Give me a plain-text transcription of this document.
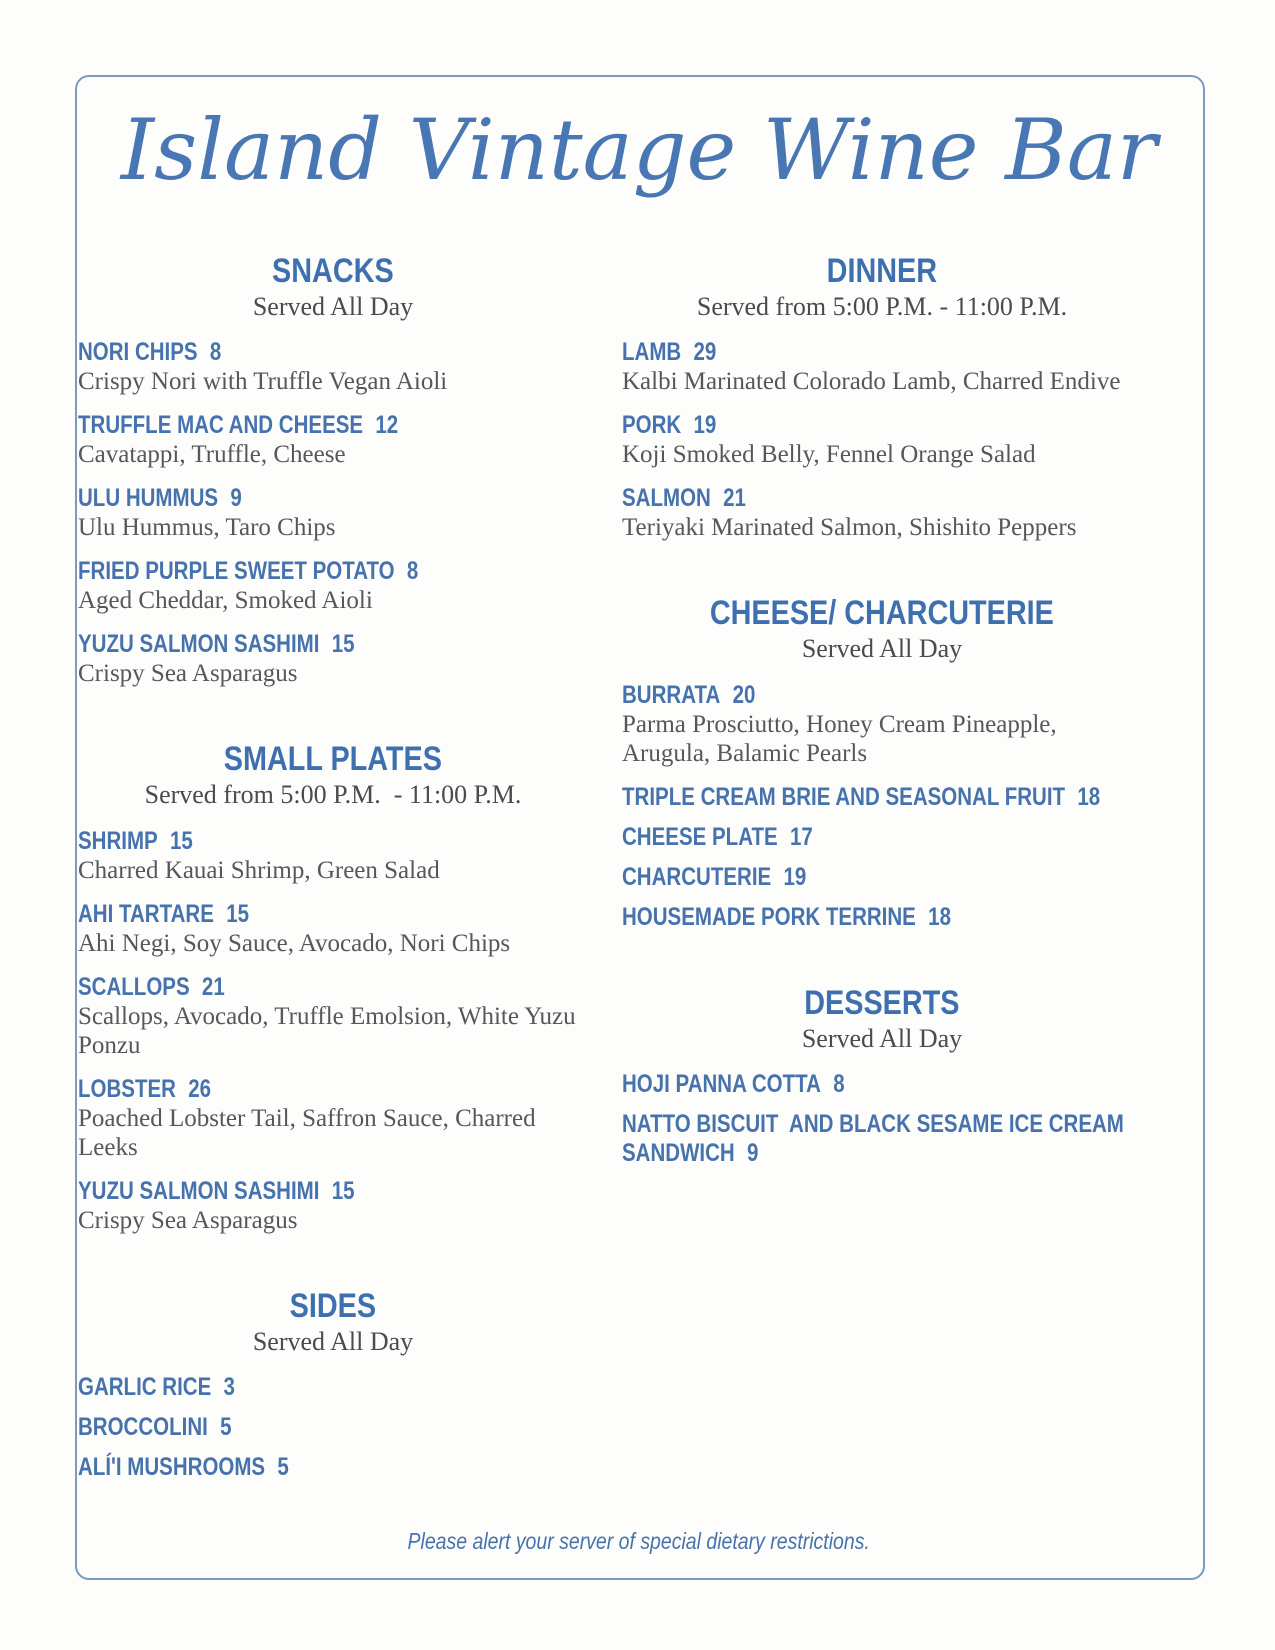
Island Vintage Wine Bar
SNACKS
Served All Day
NORI CHIPS 8
Crispy Nori with Truffle Vegan Aioli
TRUFFLE MAC AND CHEESE 12
Cavatappi, Truffle, Cheese
ULU HUMMUS 9
Ulu Hummus, Taro Chips
FRIED PURPLE SWEET POTATO 8
Aged Cheddar, Smoked Aioli
YUZU SALMON SASHIMI 15
Crispy Sea Asparagus
SMALL PLATES
Served from 5:00 P.M.  - 11:00 P.M.
SHRIMP 15
Charred Kauai Shrimp, Green Salad
AHI TARTARE 15
Ahi Negi, Soy Sauce, Avocado, Nori Chips
SCALLOPS 21
Scallops, Avocado, Truffle Emolsion, White Yuzu Ponzu
LOBSTER 26
Poached Lobster Tail, Saffron Sauce, Charred Leeks
YUZU SALMON SASHIMI 15
Crispy Sea Asparagus
SIDES
Served All Day
GARLIC RICE 3
BROCCOLINI 5
ALÍ'I MUSHROOMS 5
DINNER
Served from 5:00 P.M. - 11:00 P.M.
LAMB 29
Kalbi Marinated Colorado Lamb, Charred Endive
PORK 19
Koji Smoked Belly, Fennel Orange Salad
SALMON 21
Teriyaki Marinated Salmon, Shishito Peppers
CHEESE/ CHARCUTERIE
Served All Day
BURRATA 20
Parma Prosciutto, Honey Cream Pineapple, Arugula, Balamic Pearls
TRIPLE CREAM BRIE AND SEASONAL FRUIT 18
CHEESE PLATE 17
CHARCUTERIE 19
HOUSEMADE PORK TERRINE 18
DESSERTS
Served All Day
HOJI PANNA COTTA 8
NATTO BISCUIT  AND BLACK SESAME ICE CREAM SANDWICH 9
Please alert your server of special dietary restrictions.
